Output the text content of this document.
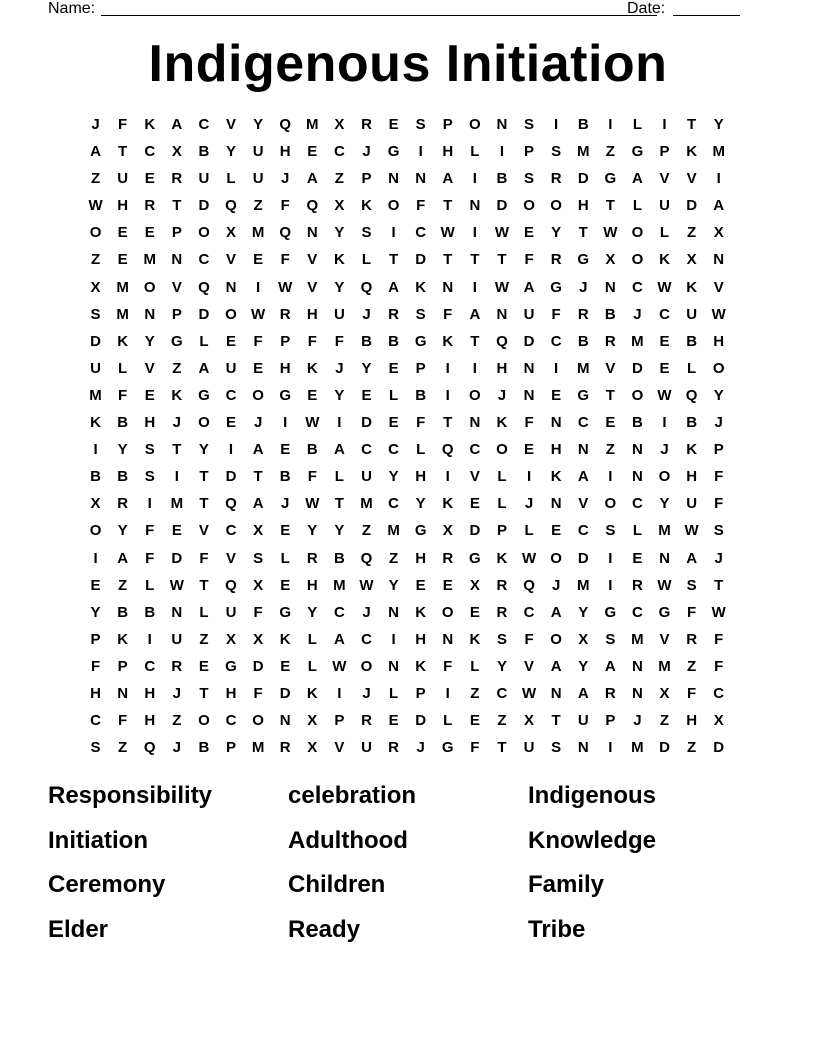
Name:	Date:
Indigenous Initiation
J	F	K	A	C	V	Y	Q	M	X	R	E	S	P	O	N	S	I	B	I	L	I	T	Y
A	T	C	X	B	Y	U	H	E	C	J	G	I	H	L	I	P	S	M	Z	G	P	K	M
Z	U	E	R	U	L	U	J	A	Z	P	N	N	A	I	B	S	R	D	G	A	V	V	I
W H	R	T	D	Q	Z	F	Q	X	K	O	F	T	N	D	O	O	H	T	L	U	D	A
O	E	E	P	O	X	M	Q	N	Y	S	I	C W	I	W	E	Y	T	W O	L	Z	X
Z	E	M	N	C	V	E	F	V	K	L	T	D	T	T	T	F	R	G	X	O	K	X	N
X	M	O	V	Q	N	I	W	V	Y	Q	A	K	N	I	W A	G	J	N	C W K	V
S	M	N	P	D	O W R	H	U	J	R	S	F	A	N	U	F	R	B	J	C	U W
D	K	Y	G	L	E	F	P	F	F	B	B	G	K	T	Q	D	C	B	R	M	E	B	H
U	L	V	Z	A	U	E	H	K	J	Y	E	P	I	I	H	N	I	M	V	D	E	L	O
M	F	E	K	G	C	O	G	E	Y	E	L	B	I	O	J	N	E	G	T	O W Q	Y
K	B	H	J	O	E	J	I	W	I	D	E	F	T	N	K	F	N	C	E	B	I	B	J
I	Y	S	T	Y	I	A	E	B	A	C	C	L	Q	C	O	E	H	N	Z	N	J	K	P
B	B	S	I	T	D	T	B	F	L	U	Y	H	I	V	L	I	K	A	I	N	O	H	F
X	R	I	M	T	Q	A	J	W	T	M	C	Y	K	E	L	J	N	V	O	C	Y	U	F
O	Y	F	E	V	C	X	E	Y	Y	Z	M	G	X	D	P	L	E	C	S	L	M W	S
I	A	F	D	F	V	S	L	R	B	Q	Z	H	R	G	K W O	D	I	E	N	A	J
E	Z	L	W	T	Q	X	E	H	M W	Y	E	E	X	R	Q	J	M	I	R W	S	T
Y	B	B	N	L	U	F	G	Y	C	J	N	K	O	E	R	C	A	Y	G	C	G	F	W
P	K	I	U	Z	X	X	K	L	A	C	I	H	N	K	S	F	O	X	S	M	V	R	F
F	P	C	R	E	G	D	E	L	W O	N	K	F	L	Y	V	A	Y	A	N	M	Z	F
H	N	H	J	T	H	F	D	K	I	J	L	P	I	Z	C W N	A	R	N	X	F	C
C	F	H	Z	O	C	O	N	X	P	R	E	D	L	E	Z	X	T	U	P	J	Z	H	X
S	Z	Q	J	B	P	M	R	X	V	U	R	J	G	F	T	U	S	N	I	M	D	Z	D
Responsibility	celebration	Indigenous
Initiation	Adulthood	Knowledge
Ceremony	Children	Family
Elder	Ready	Tribe
